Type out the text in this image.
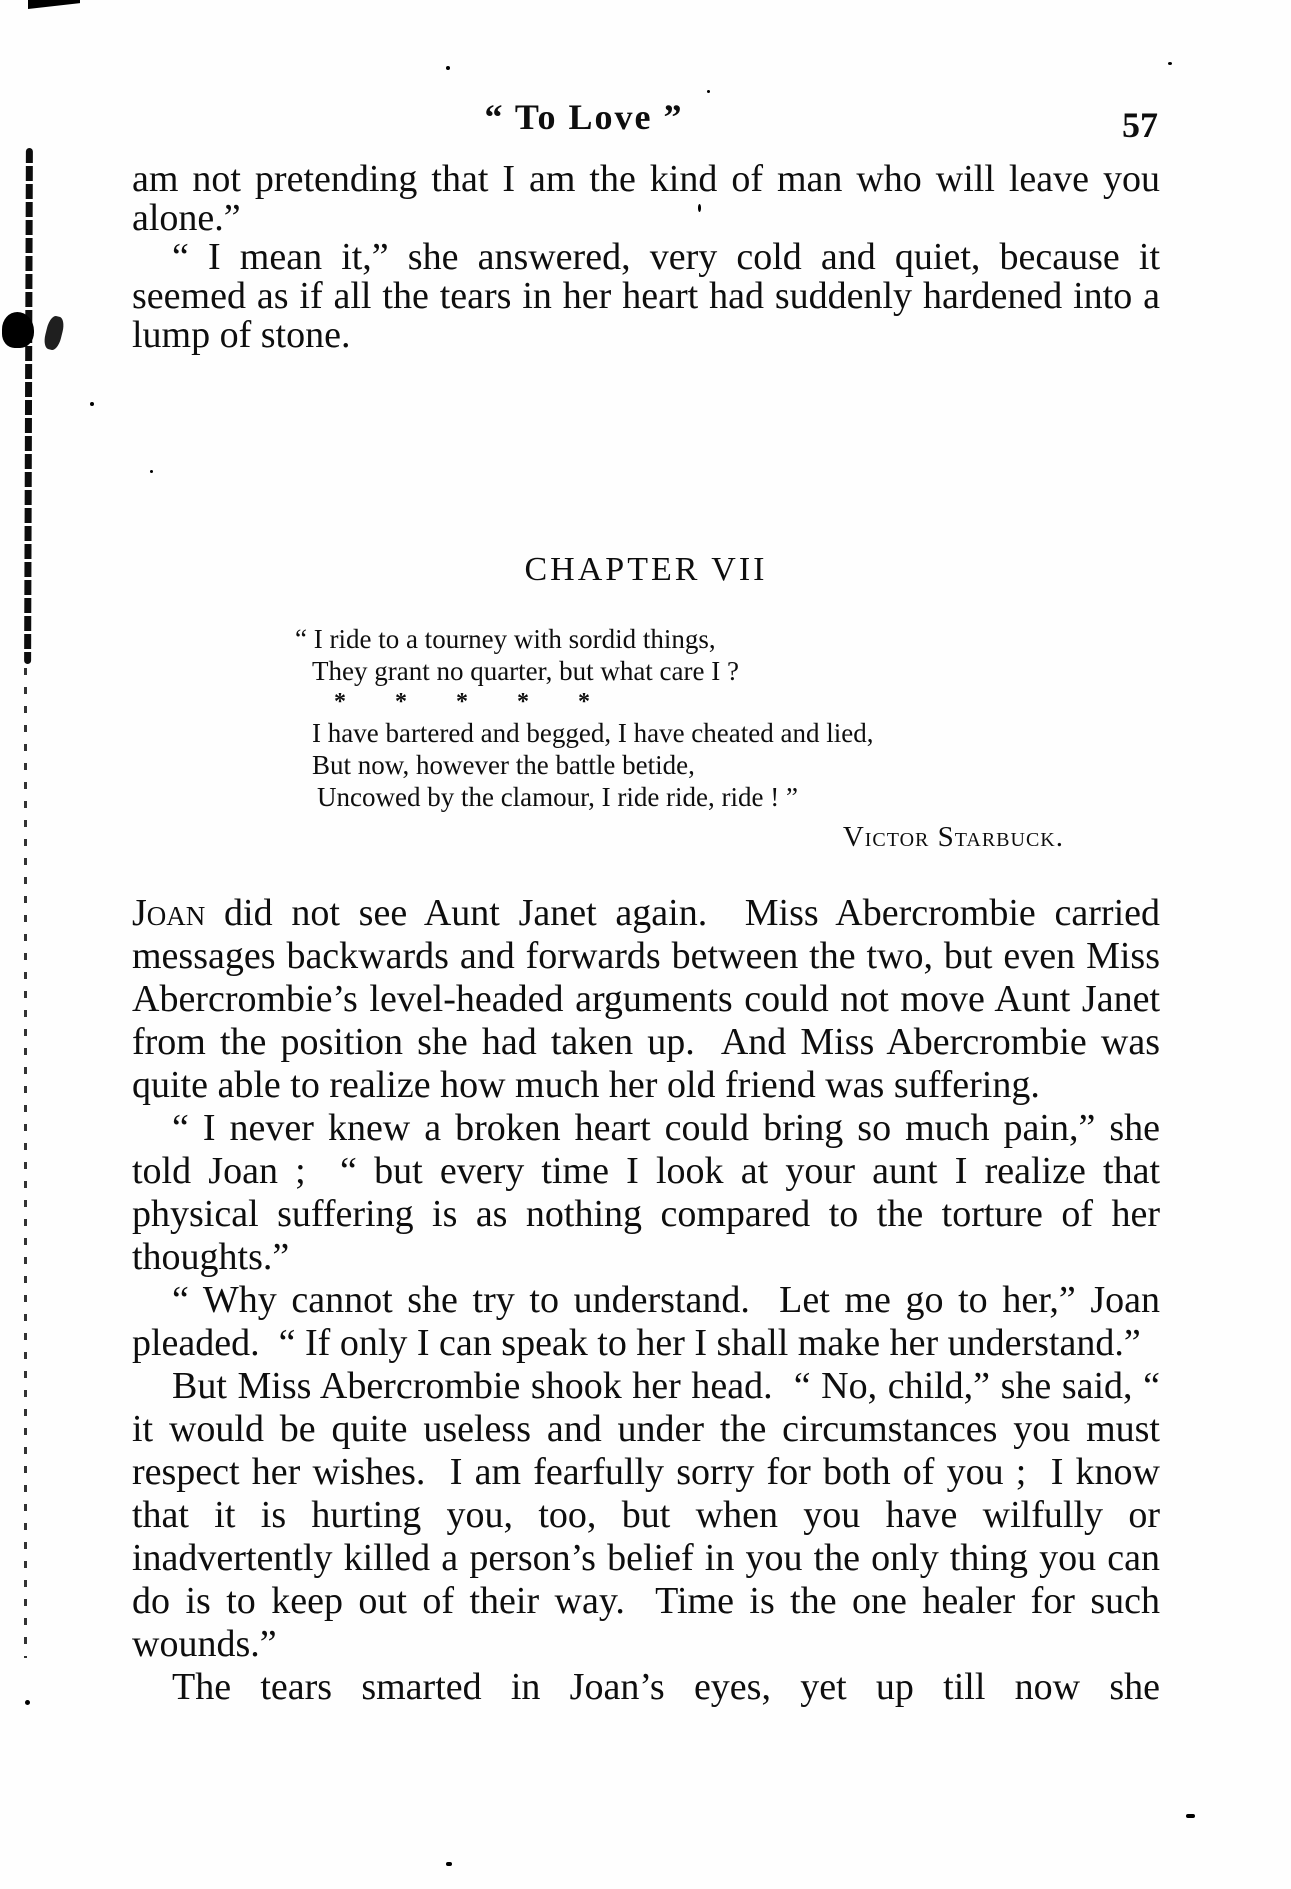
“ To Love ”	57

am not pretending that I am the kind of man who will leave you alone.”

“ I mean it,” she answered, very cold and quiet, because it seemed as if all the tears in her heart had suddenly hardened into a lump of stone.

CHAPTER VII
“ I ride to a tourney with sordid things,
They grant no quarter, but what care I ?
* * * * *
I have bartered and begged, I have cheated and lied,
But now, however the battle betide,
Uncowed by the clamour, I ride ride, ride ! ”
Victor Starbuck.

Joan did not see Aunt Janet again.  Miss Abercrombie carried messages backwards and forwards between the two, but even Miss Abercrombie’s level-headed arguments could not move Aunt Janet from the position she had taken up.  And Miss Abercrombie was quite able to realize how much her old friend was suffering.

“ I never knew a broken heart could bring so much pain,” she told Joan ;  “ but every time I look at your aunt I realize that physical suffering is as nothing compared to the torture of her thoughts.”

“ Why cannot she try to understand.  Let me go to her,” Joan pleaded.  “ If only I can speak to her I shall make her understand.”

But Miss Abercrombie shook her head.  “ No, child,” she said, “ it would be quite useless and under the circumstances you must respect her wishes.  I am fearfully sorry for both of you ;  I know that it is hurting you, too, but when you have wilfully or inadvertently killed a person’s belief in you the only thing you can do is to keep out of their way.  Time is the one healer for such wounds.”

The tears smarted in Joan’s eyes, yet up till now she
